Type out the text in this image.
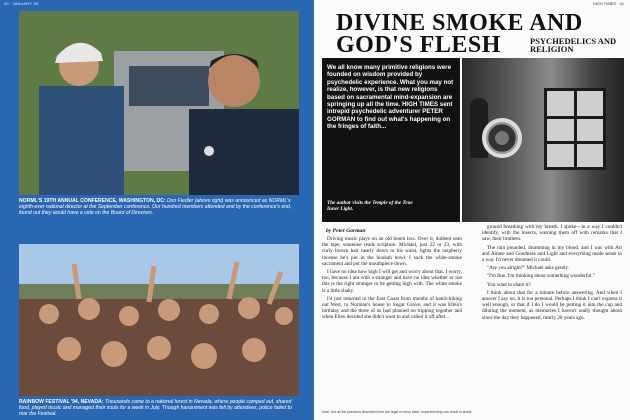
40 · JANUARY '95
NORML'S 19TH ANNUAL CONFERENCE, WASHINGTON, DC: Don Fiedler (above right) was announced as NORML's eighth-ever national director at the September conference. Our hundred members attended and by the conference's end, found out they would have a vote on the Board of Directors.
RAINBOW FESTIVAL '94, NEVADA: Thousands came to a national forest in Nevada, where people camped out, shared food, played music and managed their souls for a week in July. Though harassment was felt by attendees, police failed to mar the Festival.
HIGH TIMES · 41
DIVINE SMOKE AND
GOD'S FLESH	PSYCHEDELICS AND RELIGION
We all know many primitive religions were founded on wisdom provided by psychedelic experience. What you may not realize, however, is that new religions based on sacramental mind-expansion are springing up all the time. HIGH TIMES sent intrepid psychedelic adventurer PETER GORMAN to find out what's happening on the fringes of faith...
The author visits the Temple of the True Inner Light.
by Peter Gorman

Driving music plays on an old boom box. Over it, dubbed onto the tape, someone reads scripture. Michael, just 22 or 23, with curly brown hair nearly down to his waist, lights the raspberry incense he's put in the hookah bowl. I suck the white-smoke sacrament and put the mouthpiece down.

I have no idea how high I will get and worry about that. I worry, too, because I am with a stranger and have no idea whether or not this is the right stranger to be getting high with. The white smoke is a little shaky.

I'd just returned to the East Coast from months of hatch-hiking out West, to Norman's house in Sugar Grove, and it was Ellen's birthday and the three of us had planned on tripping together and when Ellen decided she didn't want to and called it off after...

ground breathing with my breath. I spoke—in a way I couldn't identify, with the insects, warning them off with remarks that I saw, their brothers.

The rain pounded, drumming in my blood, and I was with Art and Aimee and Goodness and Light and everything made sense in a way I'd never dreamed it could.

"Are you alright?" Michael asks gently.

"I'm fine. I'm thinking about something wonderful."

You want to share it?

I think about that for a minute before answering. And when I answer I say no, it is too personal. Perhaps I think I can't express it well enough, or that if I do I would be putting it into the cup and diluting the moment, as memories I haven't really thought about since the day they happened, nearly 20 years ago.

Note: Not all the practices described here are legal in every state; experimenting can result in arrest.
